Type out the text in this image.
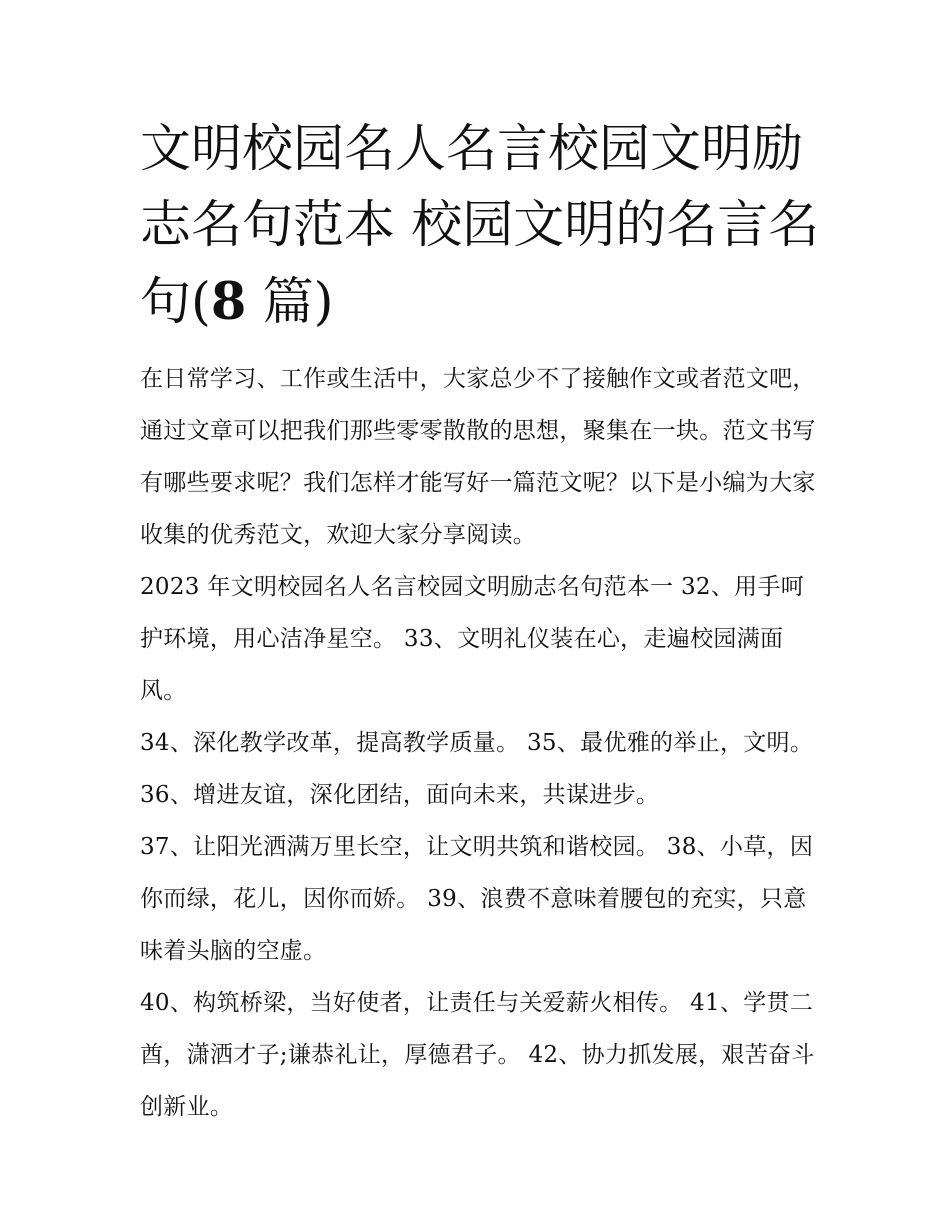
文明校园名人名言校园文明励
志名句范本 校园文明的名言名
句(8 篇)

在日常学习、工作或生活中，大家总少不了接触作文或者范文吧，通过文章可以把我们那些零零散散的思想，聚集在一块。范文书写有哪些要求呢？我们怎样才能写好一篇范文呢？以下是小编为大家收集的优秀范文，欢迎大家分享阅读。

2023 年文明校园名人名言校园文明励志名句范本一 32、用手呵护环境，用心洁净星空。 33、文明礼仪装在心，走遍校园满面风。

34、深化教学改革，提高教学质量。 35、最优雅的举止，文明。 36、增进友谊，深化团结，面向未来，共谋进步。

37、让阳光洒满万里长空，让文明共筑和谐校园。 38、小草，因你而绿，花儿，因你而娇。 39、浪费不意味着腰包的充实，只意味着头脑的空虚。

40、构筑桥梁，当好使者，让责任与关爱薪火相传。 41、学贯二酋，潇洒才子;谦恭礼让，厚德君子。 42、协力抓发展，艰苦奋斗创新业。
